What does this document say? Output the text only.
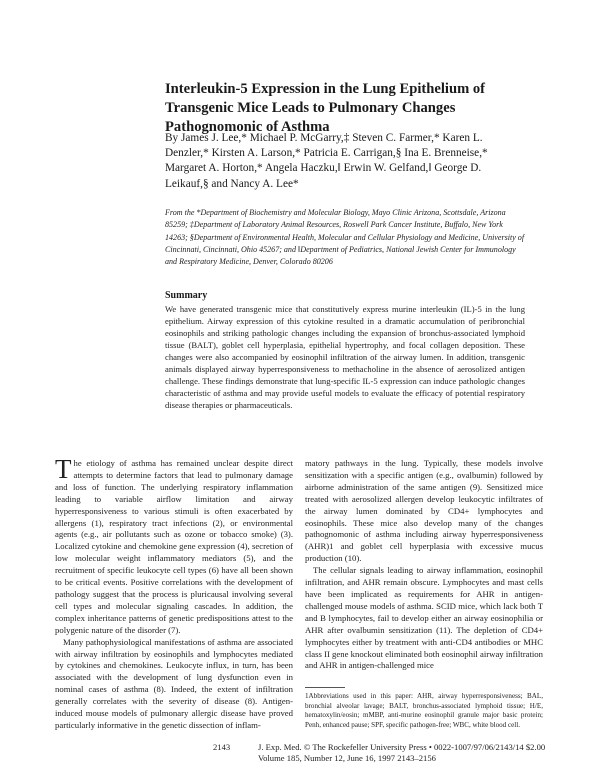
Interleukin-5 Expression in the Lung Epithelium of Transgenic Mice Leads to Pulmonary Changes Pathognomonic of Asthma
By James J. Lee,* Michael P. McGarry,‡ Steven C. Farmer,* Karen L. Denzler,* Kirsten A. Larson,* Patricia E. Carrigan,§ Ina E. Brenneise,* Margaret A. Horton,* Angela Haczku,‖ Erwin W. Gelfand,‖ George D. Leikauf,§ and Nancy A. Lee*
From the *Department of Biochemistry and Molecular Biology, Mayo Clinic Arizona, Scottsdale, Arizona 85259; ‡Department of Laboratory Animal Resources, Roswell Park Cancer Institute, Buffalo, New York 14263; §Department of Environmental Health, Molecular and Cellular Physiology and Medicine, University of Cincinnati, Cincinnati, Ohio 45267; and ‖Department of Pediatrics, National Jewish Center for Immunology and Respiratory Medicine, Denver, Colorado 80206
Summary

We have generated transgenic mice that constitutively express murine interleukin (IL)-5 in the lung epithelium. Airway expression of this cytokine resulted in a dramatic accumulation of peribronchial eosinophils and striking pathologic changes including the expansion of bronchus-associated lymphoid tissue (BALT), goblet cell hyperplasia, epithelial hypertrophy, and focal collagen deposition. These changes were also accompanied by eosinophil infiltration of the airway lumen. In addition, transgenic animals displayed airway hyperresponsiveness to methacholine in the absence of aerosolized antigen challenge. These findings demonstrate that lung-specific IL-5 expression can induce pathologic changes characteristic of asthma and may provide useful models to evaluate the efficacy of potential respiratory disease therapies or pharmaceuticals.

The etiology of asthma has remained unclear despite direct attempts to determine factors that lead to pulmonary damage and loss of function. The underlying respiratory inflammation leading to variable airflow limitation and airway hyperresponsiveness to various stimuli is often exacerbated by allergens (1), respiratory tract infections (2), or environmental agents (e.g., air pollutants such as ozone or tobacco smoke) (3). Localized cytokine and chemokine gene expression (4), secretion of low molecular weight inflammatory mediators (5), and the recruitment of specific leukocyte cell types (6) have all been shown to be critical events. Positive correlations with the development of pathology suggest that the process is pluricausal involving several cell types and molecular signaling cascades. In addition, the complex inheritance patterns of genetic predispositions attest to the polygenic nature of the disorder (7).

Many pathophysiological manifestations of asthma are associated with airway infiltration by eosinophils and lymphocytes mediated by cytokines and chemokines. Leukocyte influx, in turn, has been associated with the development of lung dysfunction even in nominal cases of asthma (8). Indeed, the extent of infiltration generally correlates with the severity of disease (8). Antigen-induced mouse models of pulmonary allergic disease have proved particularly informative in the genetic dissection of inflam-

matory pathways in the lung. Typically, these models involve sensitization with a specific antigen (e.g., ovalbumin) followed by airborne administration of the same antigen (9). Sensitized mice treated with aerosolized allergen develop leukocytic infiltrates of the airway lumen dominated by CD4+ lymphocytes and eosinophils. These mice also develop many of the changes pathognomonic of asthma including airway hyperresponsiveness (AHR)1 and goblet cell hyperplasia with excessive mucus production (10).

The cellular signals leading to airway inflammation, eosinophil infiltration, and AHR remain obscure. Lymphocytes and mast cells have been implicated as requirements for AHR in antigen-challenged mouse models of asthma. SCID mice, which lack both T and B lymphocytes, fail to develop either an airway eosinophilia or AHR after ovalbumin sensitization (11). The depletion of CD4+ lymphocytes either by treatment with anti-CD4 antibodies or MHC class II gene knockout eliminated both eosinophil airway infiltration and AHR in antigen-challenged mice

1Abbreviations used in this paper: AHR, airway hyperresponsiveness; BAL, bronchial alveolar lavage; BALT, bronchus-associated lymphoid tissue; H/E, hematoxylin/eosin; mMBP, anti-murine eosinophil granule major basic protein; Penh, enhanced pause; SPF, specific pathogen-free; WBC, white blood cell.

2143	J. Exp. Med. © The Rockefeller University Press • 0022-1007/97/06/2143/14 $2.00
Volume 185, Number 12, June 16, 1997 2143–2156
